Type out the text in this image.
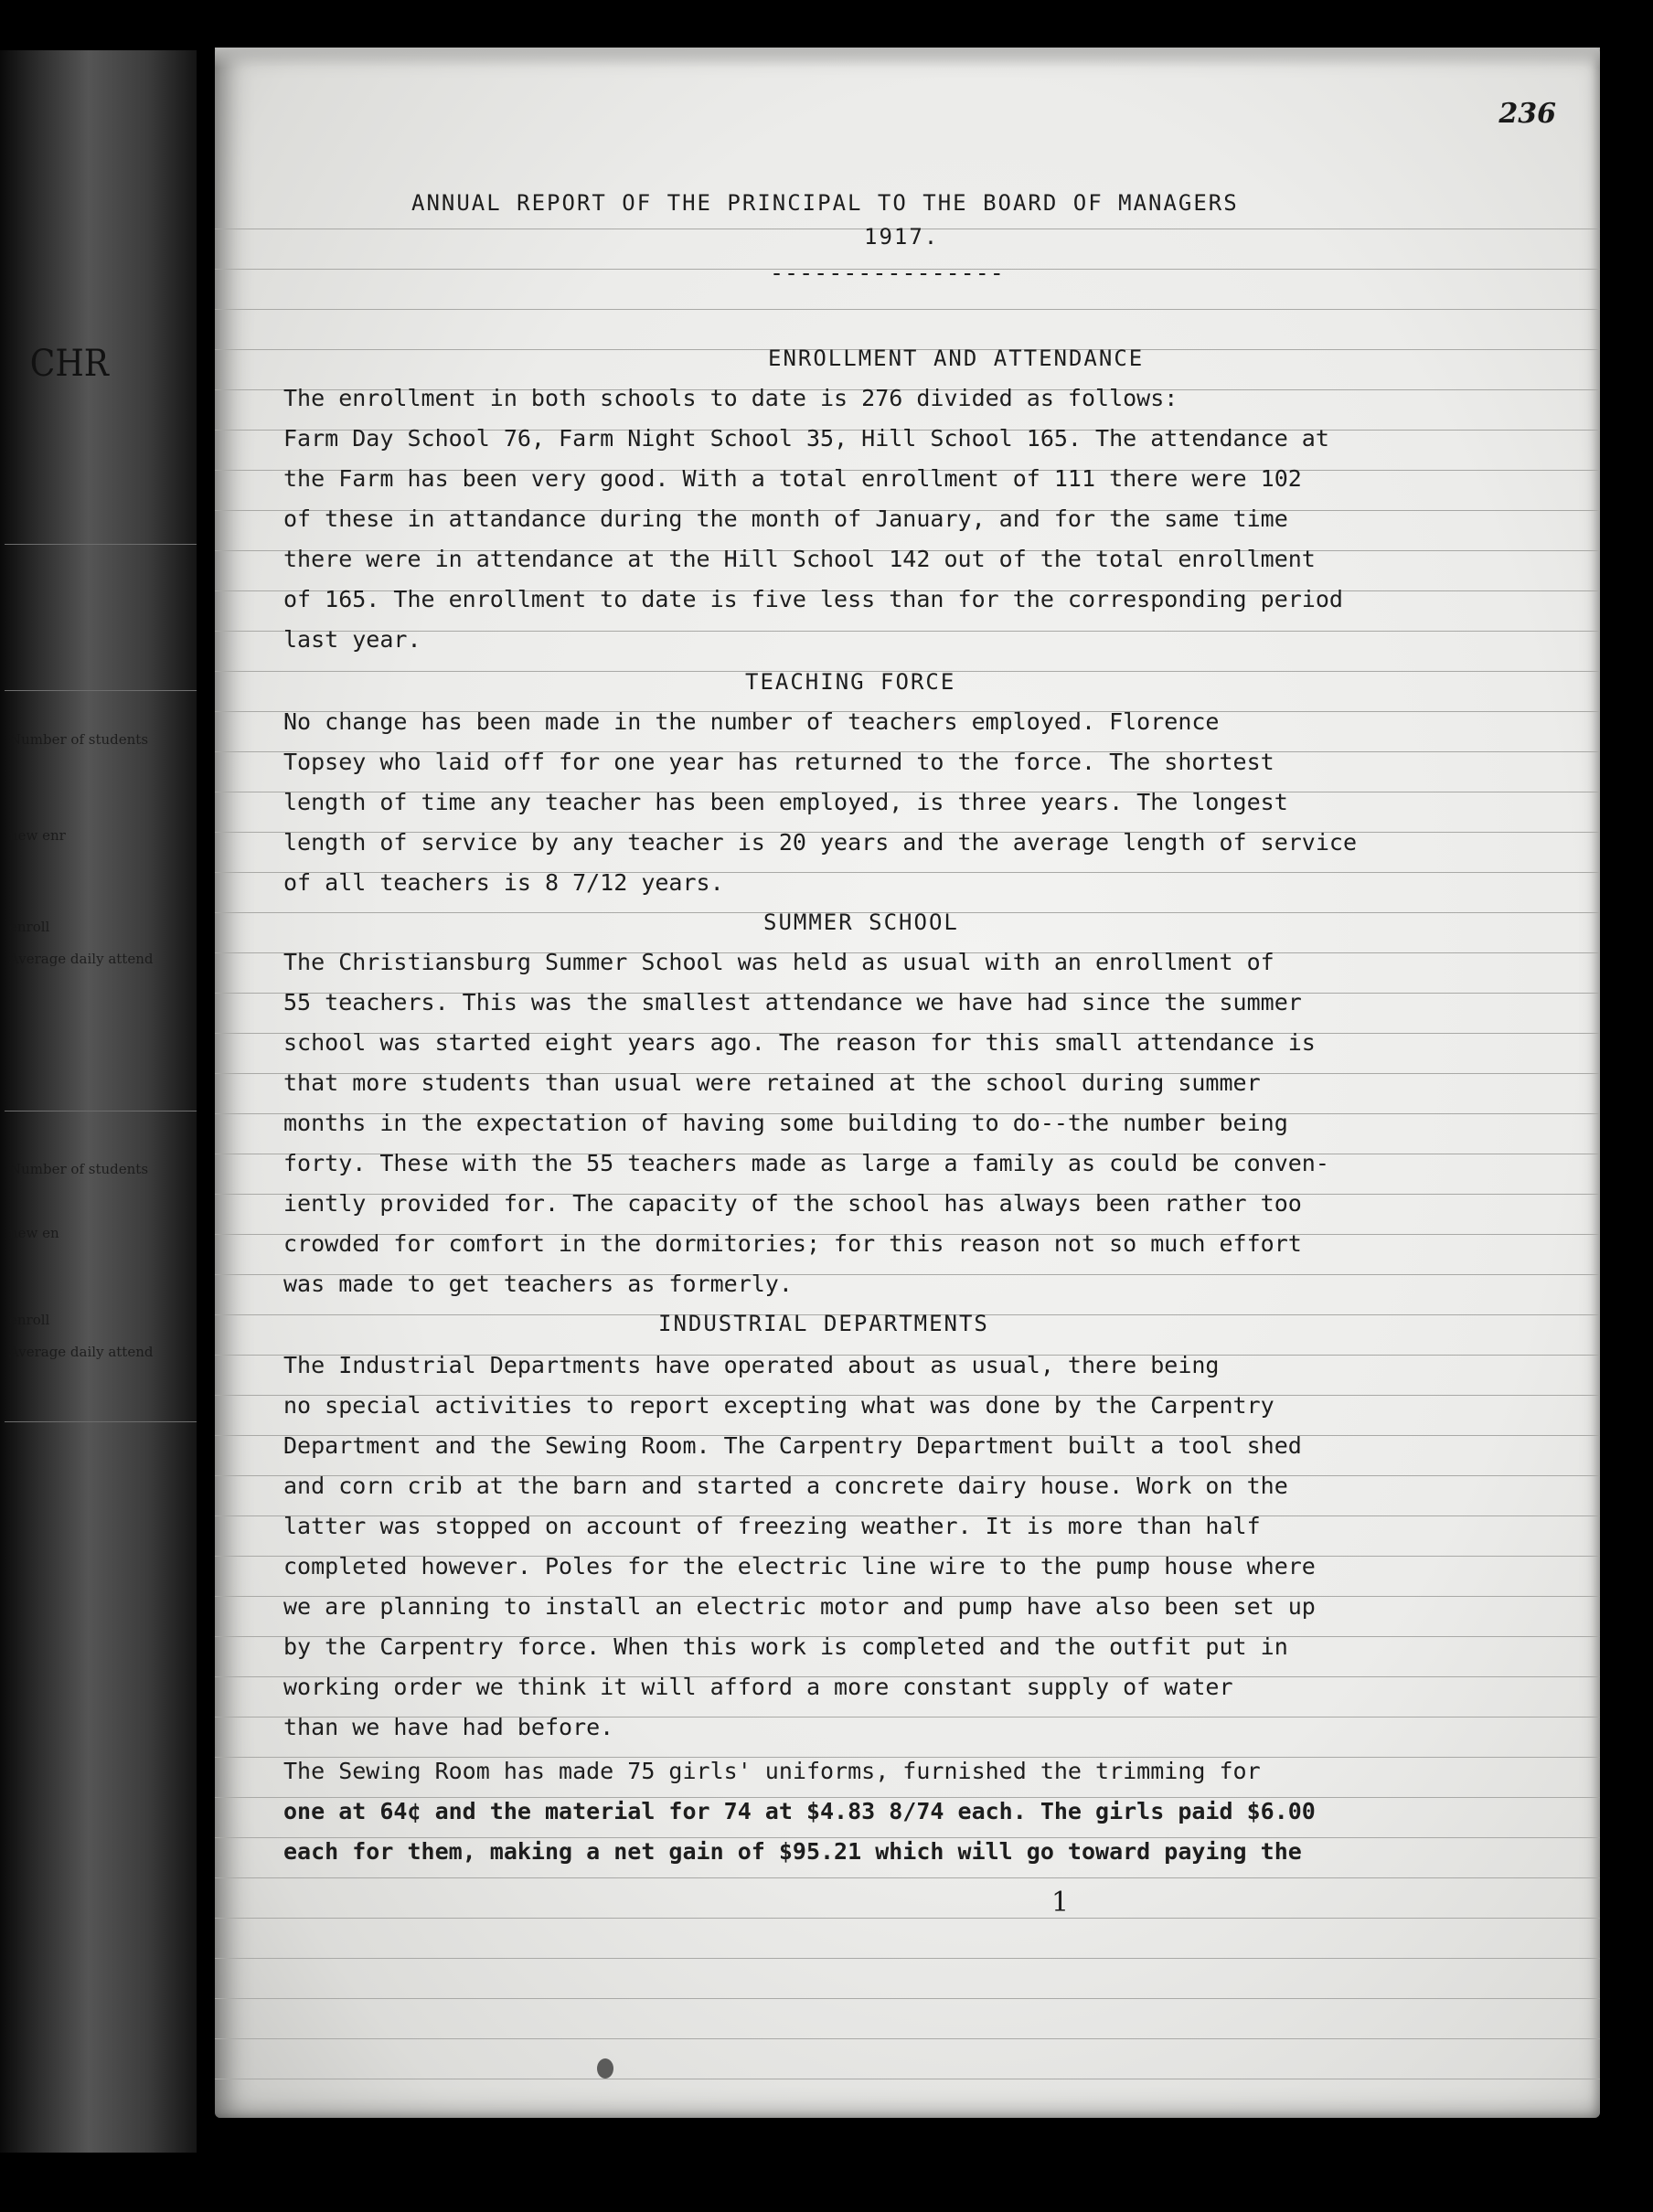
CHR
Number of students
new enr
enroll
Average daily attend
Number of students
new en
enroll
Average daily attend
236
ANNUAL REPORT OF THE PRINCIPAL TO THE BOARD OF MANAGERS
1917.
----------------
ENROLLMENT AND ATTENDANCE
The enrollment in both schools to date is 276 divided as follows:
Farm Day School 76, Farm Night School 35, Hill School 165. The attendance at
the Farm has been very good. With a total enrollment of 111 there were 102
of these in attandance during the month of January, and for the same time
there were in attendance at the Hill School 142 out of the total enrollment
of 165. The enrollment to date is five less than for the corresponding period
last year.
TEACHING FORCE
No change has been made in the number of teachers employed. Florence
Topsey who laid off for one year has returned to the force. The shortest
length of time any teacher has been employed, is three years. The longest
length of service by any teacher is 20 years and the average length of service
of all teachers is 8 7/12 years.
SUMMER SCHOOL
The Christiansburg Summer School was held as usual with an enrollment of
55 teachers. This was the smallest attendance we have had since the summer
school was started eight years ago. The reason for this small attendance is
that more students than usual were retained at the school during summer
months in the expectation of having some building to do--the number being
forty. These with the 55 teachers made as large a family as could be conven-
iently provided for. The capacity of the school has always been rather too
crowded for comfort in the dormitories; for this reason not so much effort
was made to get teachers as formerly.
INDUSTRIAL DEPARTMENTS
The Industrial Departments have operated about as usual, there being
no special activities to report excepting what was done by the Carpentry
Department and the Sewing Room. The Carpentry Department built a tool shed
and corn crib at the barn and started a concrete dairy house. Work on the
latter was stopped on account of freezing weather. It is more than half
completed however. Poles for the electric line wire to the pump house where
we are planning to install an electric motor and pump have also been set up
by the Carpentry force. When this work is completed and the outfit put in
working order we think it will afford a more constant supply of water
than we have had before.
The Sewing Room has made 75 girls' uniforms, furnished the trimming for
one at 64¢ and the material for 74 at $4.83 8/74 each. The girls paid $6.00
each for them, making a net gain of $95.21 which will go toward paying the
1
